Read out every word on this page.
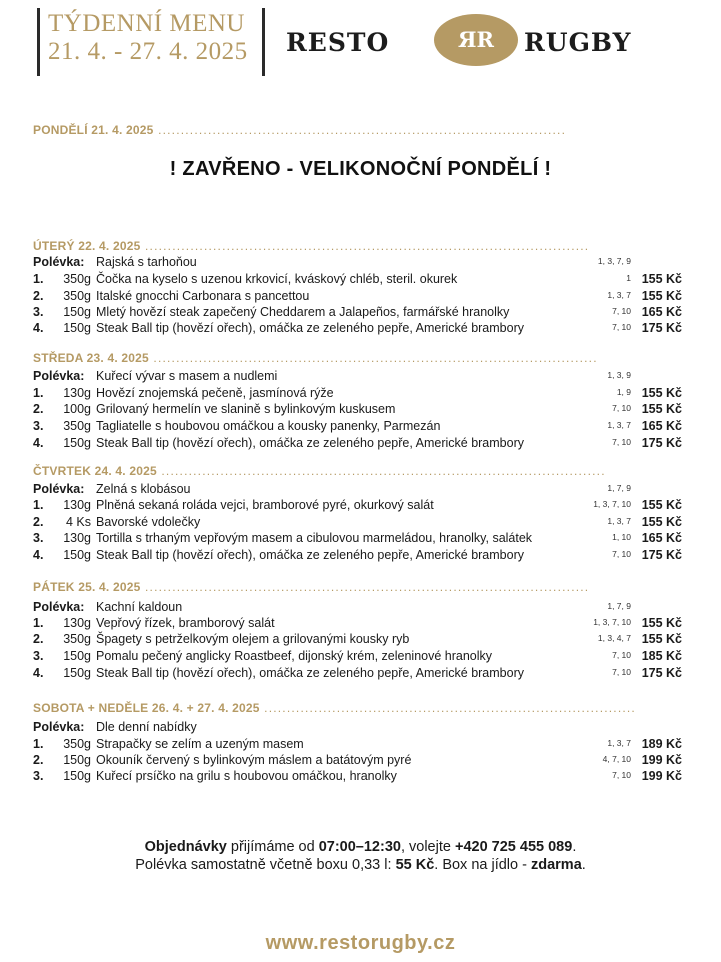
TÝDENNÍ MENU
21. 4. - 27. 4. 2025 RESTO	ЯR RUGBY
PONDĚLÍ 21. 4. 2025 ..........................................................................................
! ZAVŘENO - VELIKONOČNÍ PONDĚLÍ !
ÚTERÝ 22. 4. 2025 ..................................................................................................
Polévka: Rajská s tarhoňou	1, 3, 7, 9
1.	350g Čočka na kyselo s uzenou krkovicí, kváskový chléb, steril. okurek	1 155 Kč
2.	350g Italské gnocchi Carbonara s pancettou	1, 3, 7 155 Kč
3.	150g Mletý hovězí steak zapečený Cheddarem a Jalapeños, farmářské hranolky	7, 10 165 Kč
4.	150g Steak Ball tip (hovězí ořech), omáčka ze zeleného pepře, Americké brambory	7, 10 175 Kč
STŘEDA 23. 4. 2025 ..................................................................................................
Polévka: Kuřecí vývar s masem a nudlemi	1, 3, 9
1.	130g Hovězí znojemská pečeně, jasmínová rýže	1, 9 155 Kč
2.	100g Grilovaný hermelín ve slanině s bylinkovým kuskusem	7, 10 155 Kč
3.	350g Tagliatelle s houbovou omáčkou a kousky panenky, Parmezán	1, 3, 7 165 Kč
4.	150g Steak Ball tip (hovězí ořech), omáčka ze zeleného pepře, Americké brambory	7, 10 175 Kč
ČTVRTEK 24. 4. 2025 ..................................................................................................
Polévka: Zelná s klobásou	1, 7, 9
1.	130g Plněná sekaná roláda vejci, bramborové pyré, okurkový salát	1, 3, 7, 10 155 Kč
2.	4 Ks Bavorské vdolečky	1, 3, 7 155 Kč
3.	130g Tortilla s trhaným vepřovým masem a cibulovou marmeládou, hranolky, salátek	1, 10 165 Kč
4.	150g Steak Ball tip (hovězí ořech), omáčka ze zeleného pepře, Americké brambory	7, 10 175 Kč
PÁTEK 25. 4. 2025 ..................................................................................................
Polévka: Kachní kaldoun	1, 7, 9
1.	130g Vepřový řízek, bramborový salát	1, 3, 7, 10 155 Kč
2.	350g Špagety s petrželkovým olejem a grilovanými kousky ryb	1, 3, 4, 7 155 Kč
3.	150g Pomalu pečený anglicky Roastbeef, dijonský krém, zeleninové hranolky	7, 10 185 Kč
4.	150g Steak Ball tip (hovězí ořech), omáčka ze zeleného pepře, Americké brambory	7, 10 175 Kč
SOBOTA + NEDĚLE 26. 4. + 27. 4. 2025 ..................................................................................
Polévka: Dle denní nabídky
1.	350g Strapačky se zelím a uzeným masem	1, 3, 7 189 Kč
2.	150g Okouník červený s bylinkovým máslem a batátovým pyré	4, 7, 10 199 Kč
3.	150g Kuřecí prsíčko na grilu s houbovou omáčkou, hranolky	7, 10 199 Kč
Objednávky přijímáme od 07:00–12:30, volejte +420 725 455 089.
Polévka samostatně včetně boxu 0,33 l: 55 Kč. Box na jídlo - zdarma.
www.restorugby.cz
